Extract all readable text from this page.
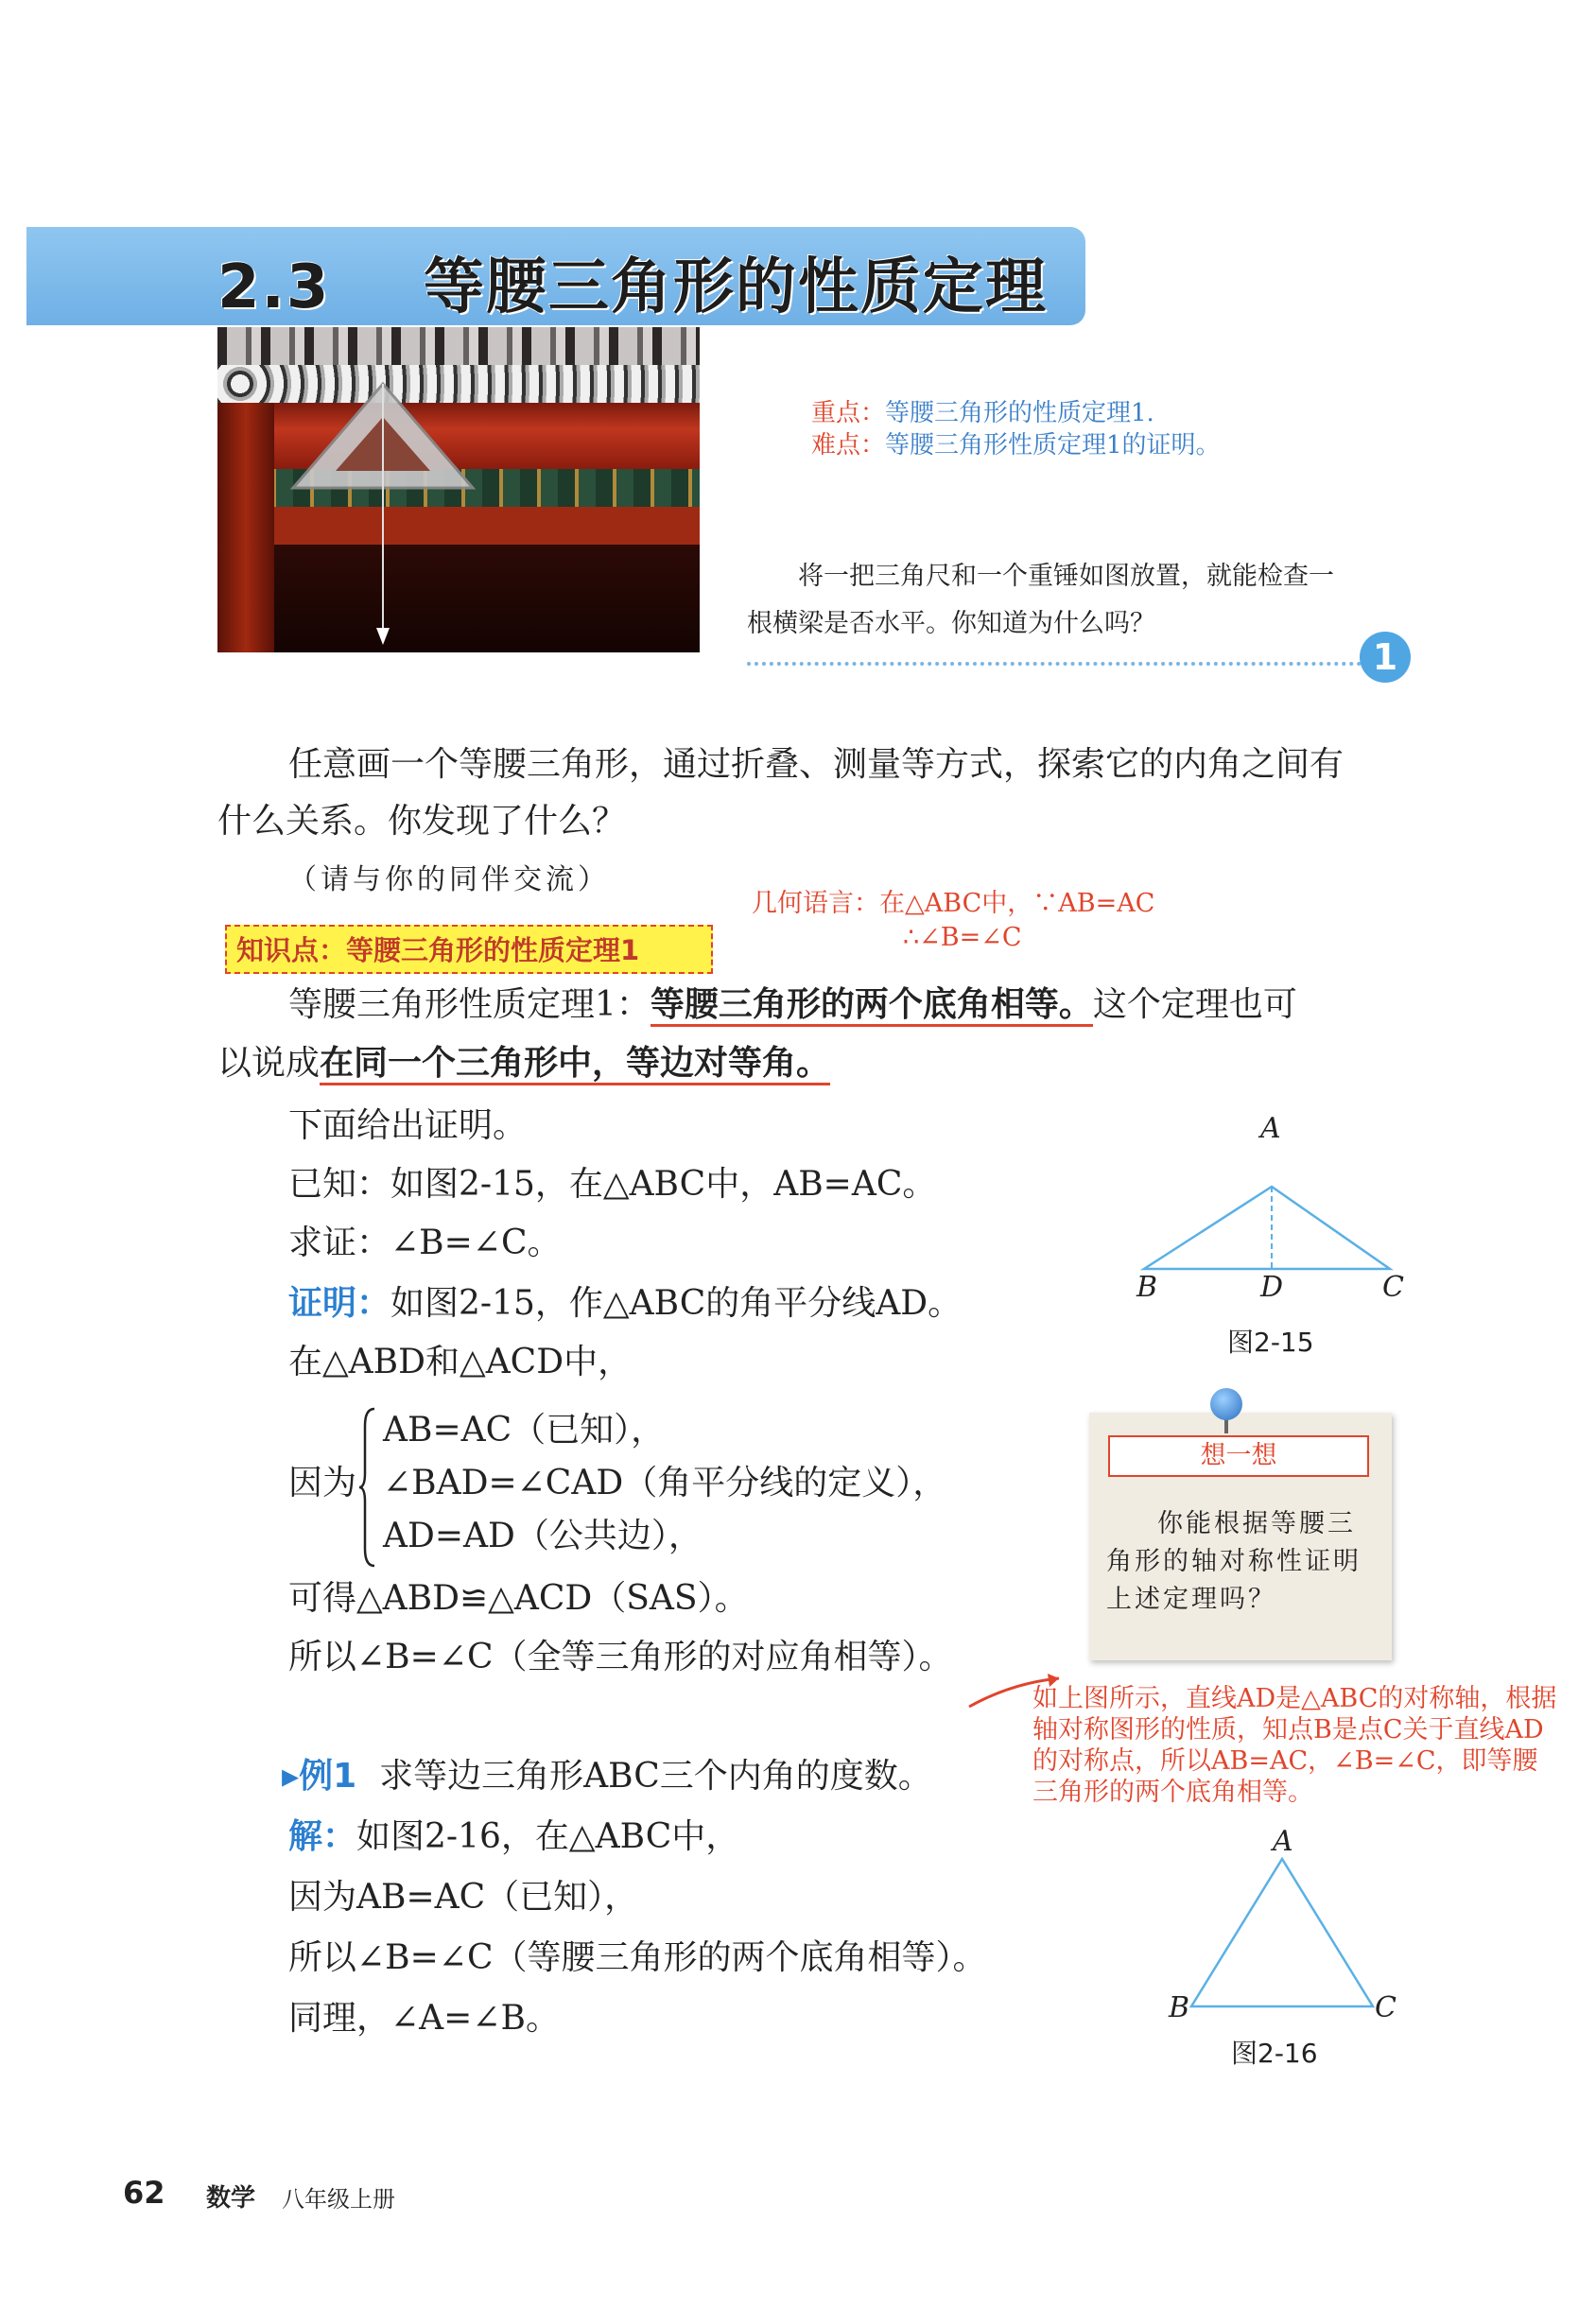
2.3 等腰三角形的性质定理
重点：等腰三角形的性质定理1.
难点：等腰三角形性质定理1的证明。
将一把三角尺和一个重锤如图放置，就能检查一根横梁是否水平。你知道为什么吗？
1
任意画一个等腰三角形，通过折叠、测量等方式，探索它的内角之间有
什么关系。你发现了什么？
（请与你的同伴交流）
几何语言：在△ABC中，∵AB=AC
∴∠B=∠C
知识点：等腰三角形的性质定理1
等腰三角形性质定理1：等腰三角形的两个底角相等。这个定理也可
以说成在同一个三角形中，等边对等角。
下面给出证明。
已知：如图2-15，在△ABC中，AB=AC。
求证：∠B=∠C。
证明：如图2-15，作△ABC的角平分线AD。
在△ABD和△ACD中，
因为
AB=AC（已知），
∠BAD=∠CAD（角平分线的定义），
AD=AD（公共边），
可得△ABD≌△ACD（SAS）。
所以∠B=∠C（全等三角形的对应角相等）。
A
B	D	C
图2-15
想一想
你能根据等腰三角形的轴对称性证明上述定理吗？
如上图所示，直线AD是△ABC的对称轴，根据轴对称图形的性质，知点B是点C关于直线AD的对称点，所以AB=AC，∠B=∠C，即等腰三角形的两个底角相等。
▸例1 求等边三角形ABC三个内角的度数。
解：如图2-16，在△ABC中，
因为AB=AC（已知），
所以∠B=∠C（等腰三角形的两个底角相等）。
同理，∠A=∠B。
A
B	C
图2-16
62 数学 八年级上册
